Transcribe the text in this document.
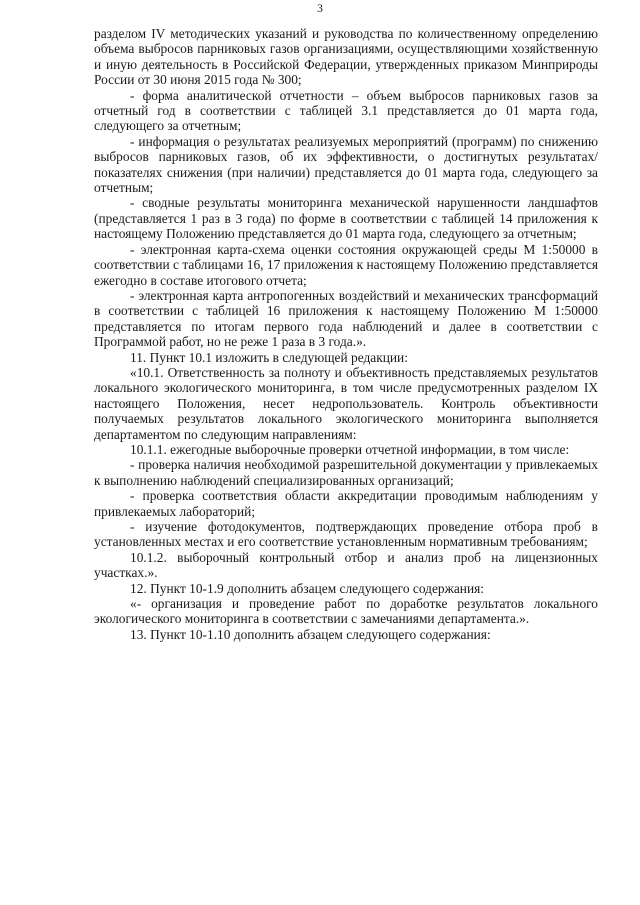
3

разделом IV методических указаний и руководства по количественному определению объема выбросов парниковых газов организациями, осуществляющими хозяйственную и иную деятельность в Российской Федерации, утвержденных приказом Минприроды России от 30 июня 2015 года № 300;

- форма аналитической отчетности – объем выбросов парниковых газов за отчетный год в соответствии с таблицей 3.1 представляется до 01 марта года, следующего за отчетным;

- информация о результатах реализуемых мероприятий (программ) по снижению выбросов парниковых газов, об их эффективности, о достигнутых результатах/показателях снижения (при наличии) представляется до 01 марта года, следующего за отчетным;

- сводные результаты мониторинга механической нарушенности ландшафтов (представляется 1 раз в 3 года) по форме в соответствии с таблицей 14 приложения к настоящему Положению представляется до 01 марта года, следующего за отчетным;

- электронная карта-схема оценки состояния окружающей среды М 1:50000 в соответствии с таблицами 16, 17 приложения к настоящему Положению представляется ежегодно в составе итогового отчета;

- электронная карта антропогенных воздействий и механических трансформаций в соответствии с таблицей 16 приложения к настоящему Положению М 1:50000 представляется по итогам первого года наблюдений и далее в соответствии с Программой работ, но не реже 1 раза в 3 года.».

11. Пункт 10.1 изложить в следующей редакции:

«10.1. Ответственность за полноту и объективность представляемых результатов локального экологического мониторинга, в том числе предусмотренных разделом IX настоящего Положения, несет недропользователь. Контроль объективности получаемых результатов локального экологического мониторинга выполняется департаментом по следующим направлениям:

10.1.1. ежегодные выборочные проверки отчетной информации, в том числе:

- проверка наличия необходимой разрешительной документации у привлекаемых к выполнению наблюдений специализированных организаций;

- проверка соответствия области аккредитации проводимым наблюдениям у привлекаемых лабораторий;

- изучение фотодокументов, подтверждающих проведение отбора проб в установленных местах и его соответствие установленным нормативным требованиям;

10.1.2. выборочный контрольный отбор и анализ проб на лицензионных участках.».

12. Пункт 10-1.9 дополнить абзацем следующего содержания:

«- организация и проведение работ по доработке результатов локального экологического мониторинга в соответствии с замечаниями департамента.».

13. Пункт 10-1.10 дополнить абзацем следующего содержания:
